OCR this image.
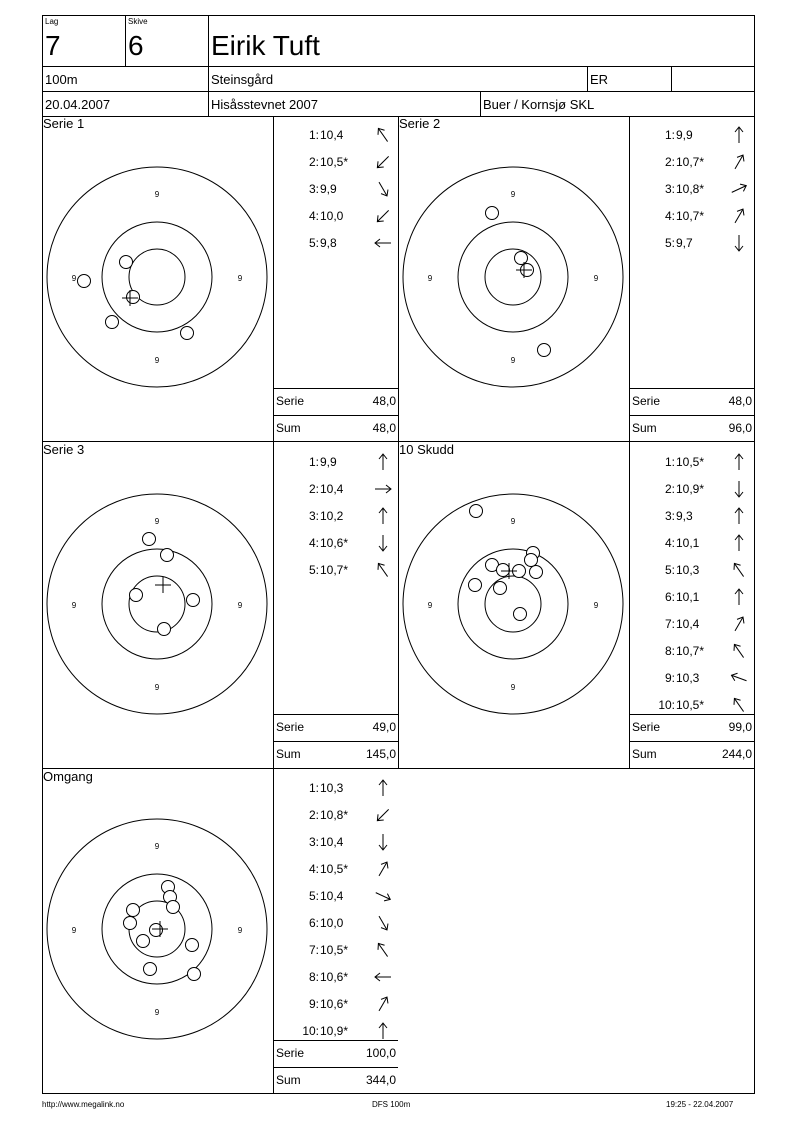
Lag
7
Skive
6 Eirik Tuft
100m	Steinsgård	ER
20.04.2007	Hisåsstevnet 2007	Buer / Kornsjø SKL
Serie 1
9
9
9	9
1: 10,4
2: 10,5*
3: 9,9
4: 10,0
5: 9,8
Serie	48,0
Sum	48,0
Serie 2
9
9
9	9
1: 9,9
2: 10,7*
3: 10,8*
4: 10,7*
5: 9,7
Serie	48,0
Sum	96,0
Serie 3
9
9
9	9
1: 9,9
2: 10,4
3: 10,2
4: 10,6*
5: 10,7*
Serie	49,0
Sum	145,0
10 Skudd
9
9
9	9
1: 10,5*
2: 10,9*
3: 9,3
4: 10,1
5: 10,3
6: 10,1
7: 10,4
8: 10,7*
9: 10,3
10: 10,5*
Serie	99,0
Sum	244,0
Omgang
9
9
9	9
1: 10,3
2: 10,8*
3: 10,4
4: 10,5*
5: 10,4
6: 10,0
7: 10,5*
8: 10,6*
9: 10,6*
10: 10,9*
Serie	100,0
Sum	344,0
http://www.megalink.no	DFS 100m	19:25 - 22.04.2007
